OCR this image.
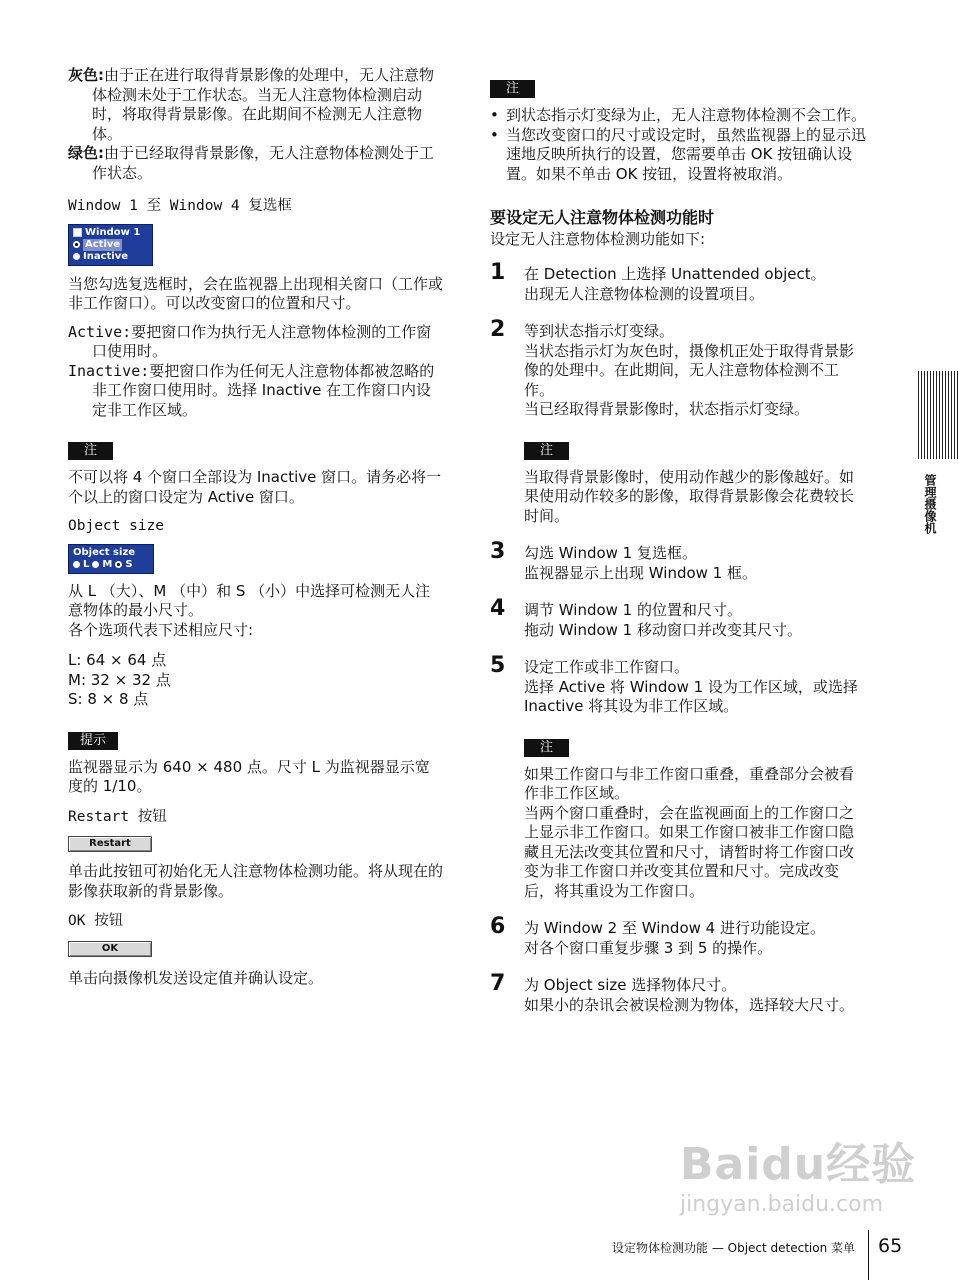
灰色:由于正在进行取得背景影像的处理中，无人注意物体检测未处于工作状态。当无人注意物体检测启动时，将取得背景影像。在此期间不检测无人注意物体。

绿色:由于已经取得背景影像，无人注意物体检测处于工作状态。

Window 1 至 Window 4 复选框

Window 1
Active
Inactive

当您勾选复选框时，会在监视器上出现相关窗口（工作或非工作窗口）。可以改变窗口的位置和尺寸。

Active:要把窗口作为执行无人注意物体检测的工作窗口使用时。

Inactive:要把窗口作为任何无人注意物体都被忽略的非工作窗口使用时。选择 Inactive 在工作窗口内设定非工作区域。

注

不可以将 4 个窗口全部设为 Inactive 窗口。请务必将一个以上的窗口设定为 Active 窗口。

Object size

Object size
L M S

从 L （大）、M （中）和 S （小）中选择可检测无人注意物体的最小尺寸。

各个选项代表下述相应尺寸:

L: 64 × 64 点

M: 32 × 32 点

S: 8 × 8 点

提示

监视器显示为 640 × 480 点。尺寸 L 为监视器显示宽度的 1/10。

Restart 按钮

Restart

单击此按钮可初始化无人注意物体检测功能。将从现在的影像获取新的背景影像。

OK 按钮

OK

单击向摄像机发送设定值并确认设定。

注
• 到状态指示灯变绿为止，无人注意物体检测不会工作。
• 当您改变窗口的尺寸或设定时，虽然监视器上的显示迅速地反映所执行的设置，您需要单击 OK 按钮确认设置。如果不单击 OK 按钮，设置将被取消。

要设定无人注意物体检测功能时

设定无人注意物体检测功能如下:

1 在 Detection 上选择 Unattended object。

出现无人注意物体检测的设置项目。

2 等到状态指示灯变绿。

当状态指示灯为灰色时，摄像机正处于取得背景影像的处理中。在此期间，无人注意物体检测不工作。

当已经取得背景影像时，状态指示灯变绿。

注

当取得背景影像时，使用动作越少的影像越好。如果使用动作较多的影像，取得背景影像会花费较长时间。

3 勾选 Window 1 复选框。

监视器显示上出现 Window 1 框。

4 调节 Window 1 的位置和尺寸。

拖动 Window 1 移动窗口并改变其尺寸。

5 设定工作或非工作窗口。

选择 Active 将 Window 1 设为工作区域，或选择 Inactive 将其设为非工作区域。

注

如果工作窗口与非工作窗口重叠，重叠部分会被看作非工作区域。

当两个窗口重叠时，会在监视画面上的工作窗口之上显示非工作窗口。如果工作窗口被非工作窗口隐藏且无法改变其位置和尺寸，请暂时将工作窗口改变为非工作窗口并改变其位置和尺寸。完成改变后，将其重设为工作窗口。

6 为 Window 2 至 Window 4 进行功能设定。

对各个窗口重复步骤 3 到 5 的操作。

7 为 Object size 选择物体尺寸。

如果小的杂讯会被误检测为物体，选择较大尺寸。

管理摄像机
Baidu经验
jingyan.baidu.com
设定物体检测功能 — Object detection 菜单 65
